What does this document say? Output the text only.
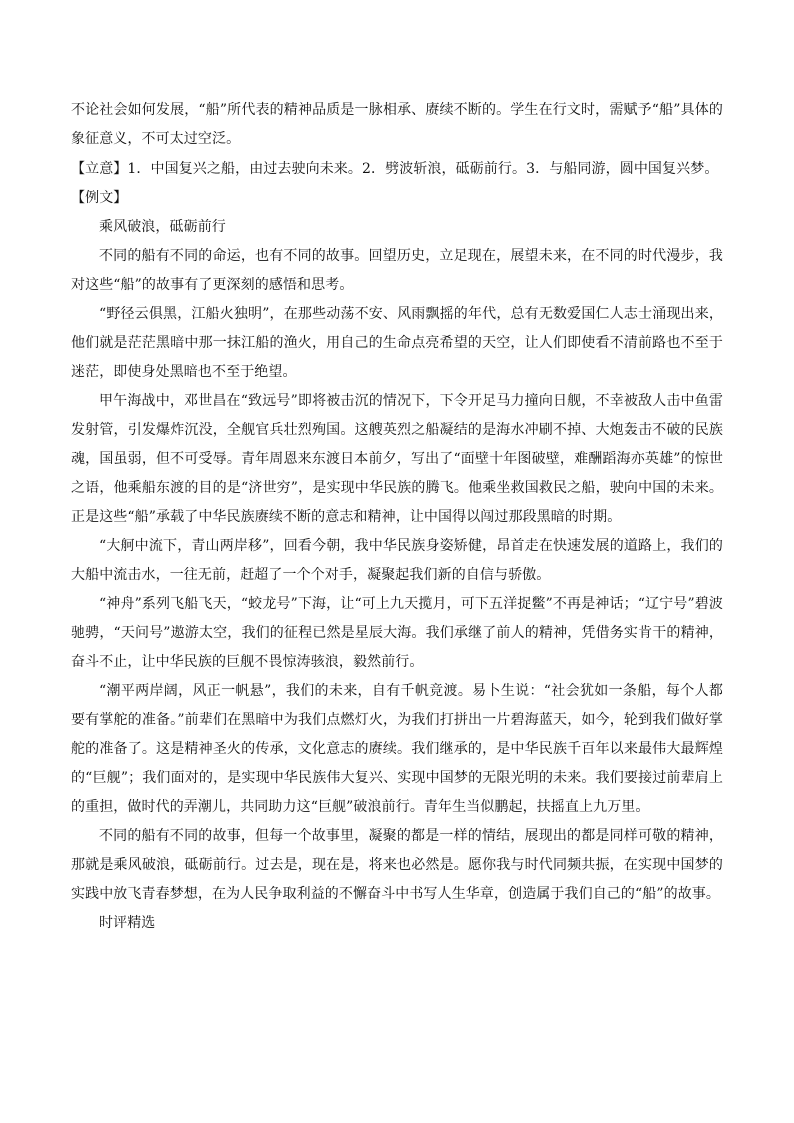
不论社会如何发展，“船”所代表的精神品质是一脉相承、赓续不断的。学生在行文时，需赋予“船”具体的象征意义，不可太过空泛。

【立意】1．中国复兴之船，由过去驶向未来。2．劈波斩浪，砥砺前行。3．与船同游，圆中国复兴梦。

【例文】

乘风破浪，砥砺前行

不同的船有不同的命运，也有不同的故事。回望历史，立足现在，展望未来，在不同的时代漫步，我对这些“船”的故事有了更深刻的感悟和思考。

“野径云俱黑，江船火独明”，在那些动荡不安、风雨飘摇的年代，总有无数爱国仁人志士涌现出来，他们就是茫茫黑暗中那一抹江船的渔火，用自己的生命点亮希望的天空，让人们即使看不清前路也不至于迷茫，即使身处黑暗也不至于绝望。

甲午海战中，邓世昌在“致远号”即将被击沉的情况下，下令开足马力撞向日舰，不幸被敌人击中鱼雷发射管，引发爆炸沉没，全舰官兵壮烈殉国。这艘英烈之船凝结的是海水冲刷不掉、大炮轰击不破的民族魂，国虽弱，但不可受辱。青年周恩来东渡日本前夕，写出了“面壁十年图破壁，难酬蹈海亦英雄”的惊世之语，他乘船东渡的目的是“济世穷”，是实现中华民族的腾飞。他乘坐救国救民之船，驶向中国的未来。正是这些“船”承载了中华民族赓续不断的意志和精神，让中国得以闯过那段黑暗的时期。

“大舸中流下，青山两岸移”，回看今朝，我中华民族身姿矫健，昂首走在快速发展的道路上，我们的大船中流击水，一往无前，赶超了一个个对手，凝聚起我们新的自信与骄傲。

“神舟”系列飞船飞天，“蛟龙号”下海，让“可上九天揽月，可下五洋捉鳖”不再是神话；“辽宁号”碧波驰骋，“天问号”遨游太空，我们的征程已然是星辰大海。我们承继了前人的精神，凭借务实肯干的精神，奋斗不止，让中华民族的巨舰不畏惊涛骇浪，毅然前行。

“潮平两岸阔，风正一帆悬”，我们的未来，自有千帆竞渡。易卜生说：“社会犹如一条船，每个人都要有掌舵的准备。”前辈们在黑暗中为我们点燃灯火，为我们打拼出一片碧海蓝天，如今，轮到我们做好掌舵的准备了。这是精神圣火的传承，文化意志的赓续。我们继承的，是中华民族千百年以来最伟大最辉煌的“巨舰”；我们面对的，是实现中华民族伟大复兴、实现中国梦的无限光明的未来。我们要接过前辈肩上的重担，做时代的弄潮儿，共同助力这“巨舰”破浪前行。青年生当似鹏起，扶摇直上九万里。

不同的船有不同的故事，但每一个故事里，凝聚的都是一样的情结，展现出的都是同样可敬的精神，那就是乘风破浪，砥砺前行。过去是，现在是，将来也必然是。愿你我与时代同频共振，在实现中国梦的实践中放飞青春梦想，在为人民争取利益的不懈奋斗中书写人生华章，创造属于我们自己的“船”的故事。

时评精选
